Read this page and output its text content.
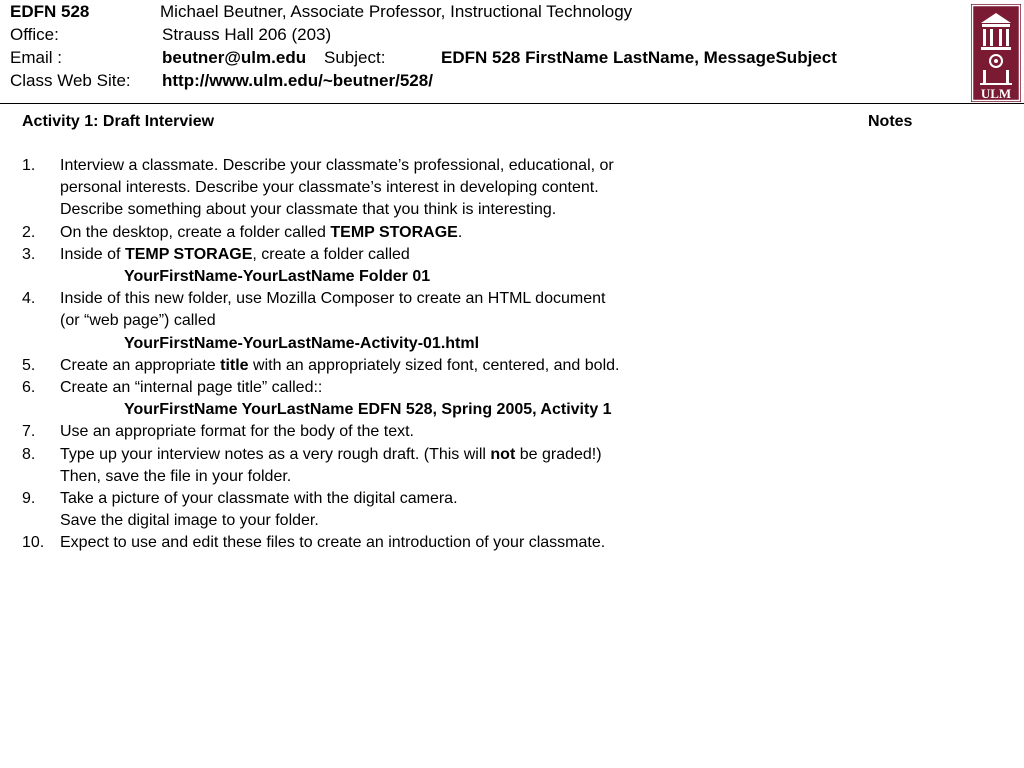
EDFN 528	Michael Beutner, Associate Professor, Instructional Technology
Office:	Strauss Hall 206 (203)
Email :	beutner@ulm.edu Subject:	EDFN 528 FirstName LastName, MessageSubject
Class Web Site: http://www.ulm.edu/~beutner/528/
ULM
Activity 1: Draft Interview	Notes
1. Interview a classmate. Describe your classmate’s professional, educational, or
personal interests. Describe your classmate’s interest in developing content.
Describe something about your classmate that you think is interesting.
2. On the desktop, create a folder called TEMP STORAGE.
3. Inside of TEMP STORAGE, create a folder called
YourFirstName-YourLastName Folder 01
4. Inside of this new folder, use Mozilla Composer to create an HTML document
(or “web page”) called
YourFirstName-YourLastName-Activity-01.html
5. Create an appropriate title with an appropriately sized font, centered, and bold.
6. Create an “internal page title” called::
YourFirstName YourLastName EDFN 528, Spring 2005, Activity 1
7. Use an appropriate format for the body of the text.
8. Type up your interview notes as a very rough draft. (This will not be graded!)
Then, save the file in your folder.
9. Take a picture of your classmate with the digital camera.
Save the digital image to your folder.
10. Expect to use and edit these files to create an introduction of your classmate.
